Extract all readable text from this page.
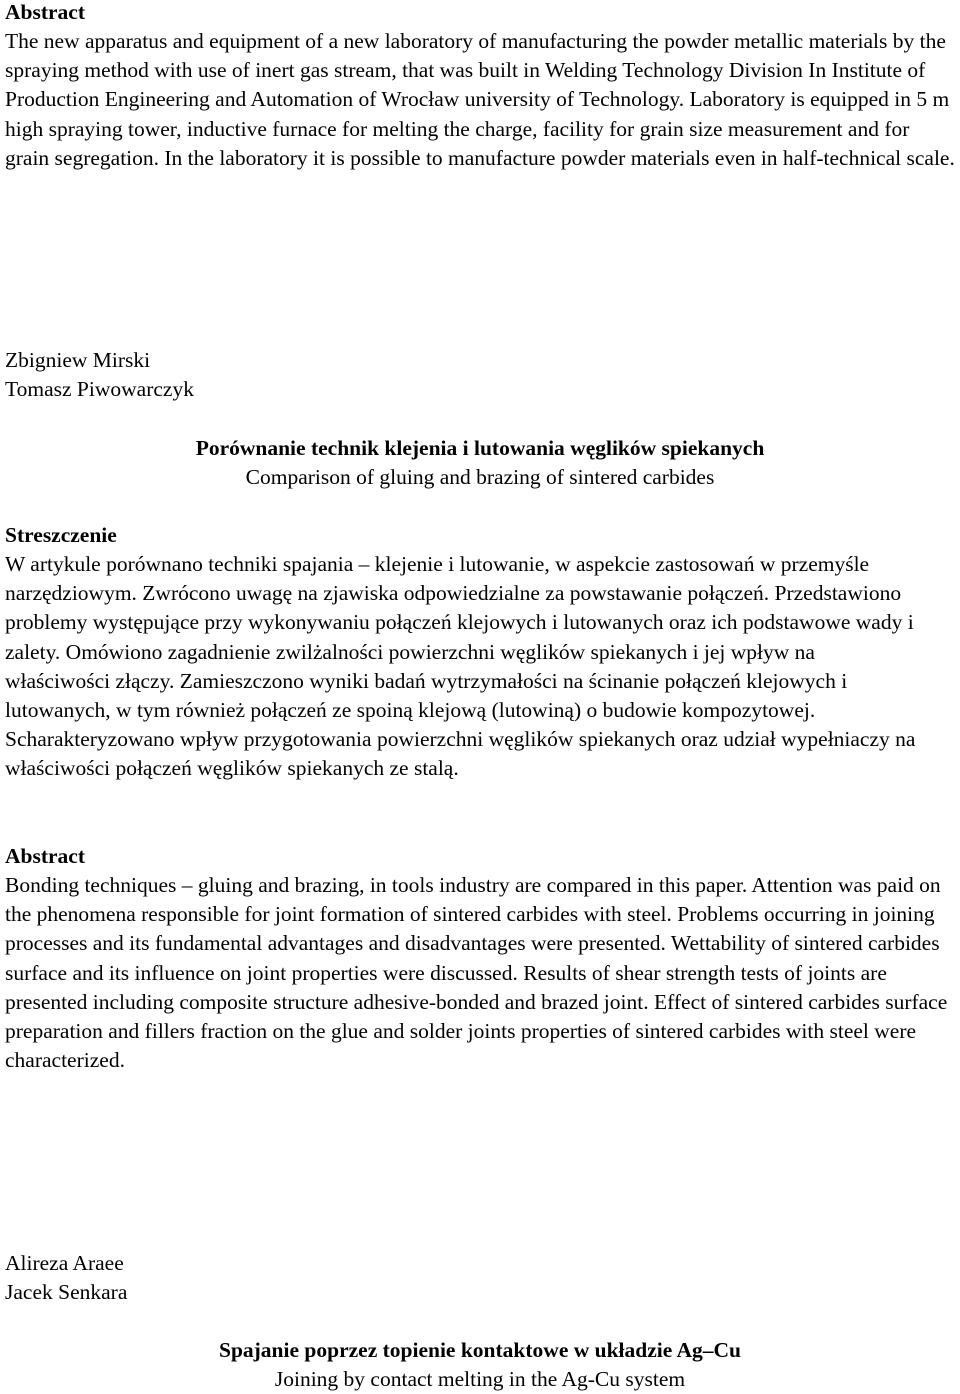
Abstract
The new apparatus and equipment of a new laboratory of manufacturing the powder metallic materials by the spraying method with use of inert gas stream, that was built in Welding Technology Division In Institute of Production Engineering and Automation of Wrocław university of Technology. Laboratory is equipped in 5 m high spraying tower, inductive furnace for melting the charge, facility for grain size measurement and for grain segregation. In the laboratory it is possible to manufacture powder materials even in half-technical scale.
Zbigniew Mirski
Tomasz Piwowarczyk
Porównanie technik klejenia i lutowania węglików spiekanych
Comparison of gluing and brazing of sintered carbides
Streszczenie
W artykule porównano techniki spajania – klejenie i lutowanie, w aspekcie zastosowań w przemyśle narzędziowym. Zwrócono uwagę na zjawiska odpowiedzialne za powstawanie połączeń. Przedstawiono problemy występujące przy wykonywaniu połączeń klejowych i lutowanych oraz ich podstawowe wady i zalety. Omówiono zagadnienie zwilżalności powierzchni węglików spiekanych i jej wpływ na właściwości złączy. Zamieszczono wyniki badań wytrzymałości na ścinanie połączeń klejowych i lutowanych, w tym również połączeń ze spoiną klejową (lutowiną) o budowie kompozytowej. Scharakteryzowano wpływ przygotowania powierzchni węglików spiekanych oraz udział wypełniaczy na właściwości połączeń węglików spiekanych ze stalą.
Abstract
Bonding techniques – gluing and brazing, in tools industry are compared in this paper. Attention was paid on the phenomena responsible for joint formation of sintered carbides with steel. Problems occurring in joining processes and its fundamental advantages and disadvantages were presented. Wettability of sintered carbides surface and its influence on joint properties were discussed. Results of shear strength tests of joints are presented including composite structure adhesive-bonded and brazed joint. Effect of sintered carbides surface preparation and fillers fraction on the glue and solder joints properties of sintered carbides with steel were characterized.
Alireza Araee
Jacek Senkara
Spajanie poprzez topienie kontaktowe w układzie Ag–Cu
Joining by contact melting in the Ag-Cu system
